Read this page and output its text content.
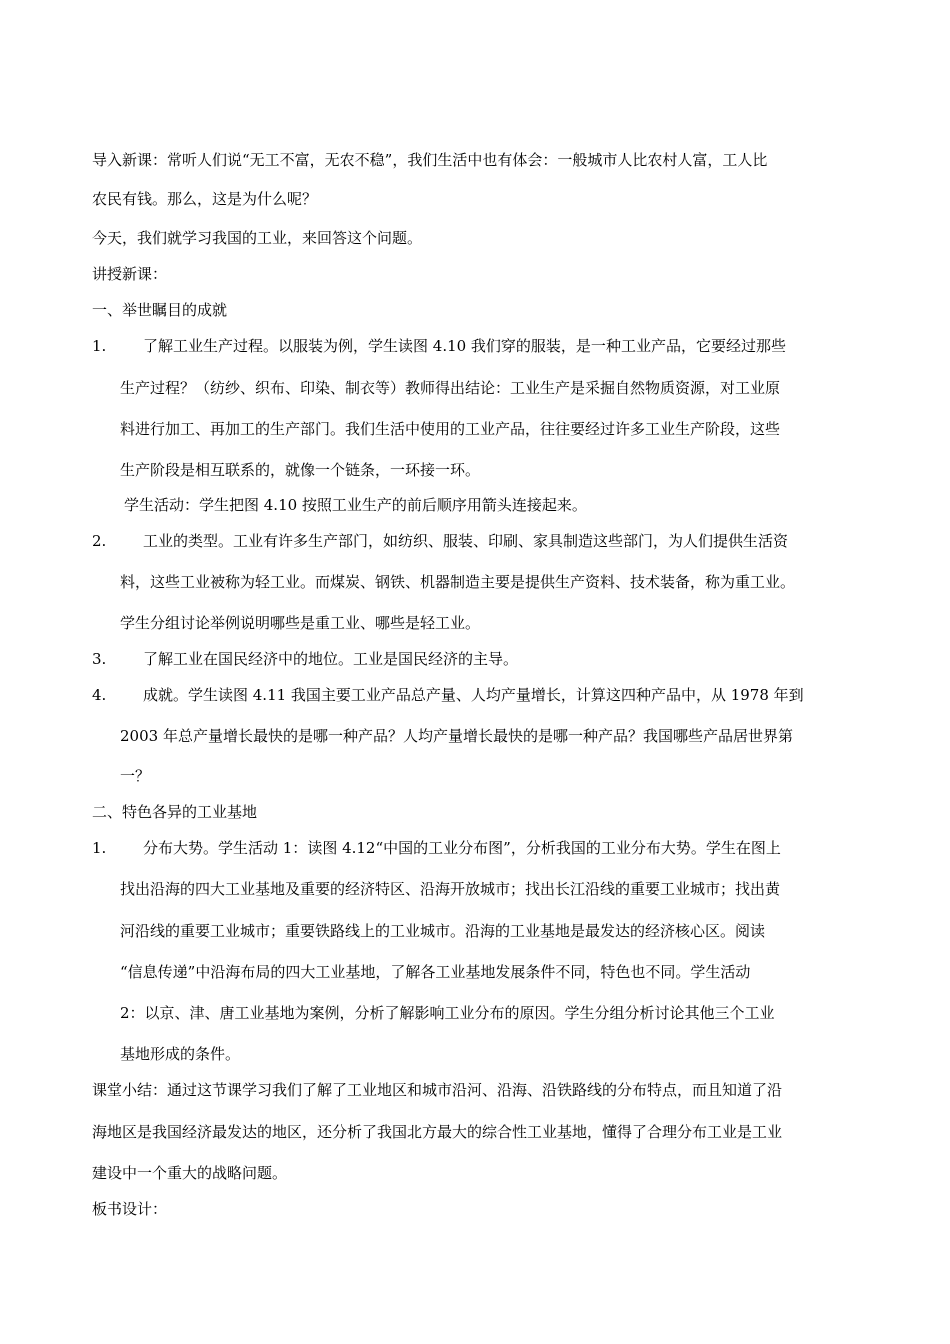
导入新课：常听人们说“无工不富，无农不稳”，我们生活中也有体会：一般城市人比农村人富，工人比
农民有钱。那么，这是为什么呢？
今天，我们就学习我国的工业，来回答这个问题。
讲授新课：
一、举世瞩目的成就
1. 了解工业生产过程。以服装为例，学生读图 4.10 我们穿的服装，是一种工业产品，它要经过那些
生产过程？（纺纱、织布、印染、制衣等）教师得出结论：工业生产是采掘自然物质资源，对工业原
料进行加工、再加工的生产部门。我们生活中使用的工业产品，往往要经过许多工业生产阶段，这些
生产阶段是相互联系的，就像一个链条，一环接一环。
学生活动：学生把图 4.10 按照工业生产的前后顺序用箭头连接起来。
2. 工业的类型。工业有许多生产部门，如纺织、服装、印刷、家具制造这些部门，为人们提供生活资
料，这些工业被称为轻工业。而煤炭、钢铁、机器制造主要是提供生产资料、技术装备，称为重工业。
学生分组讨论举例说明哪些是重工业、哪些是轻工业。
3. 了解工业在国民经济中的地位。工业是国民经济的主导。
4. 成就。学生读图 4.11 我国主要工业产品总产量、人均产量增长，计算这四种产品中，从 1978 年到
2003 年总产量增长最快的是哪一种产品？人均产量增长最快的是哪一种产品？我国哪些产品居世界第
一？
二、特色各异的工业基地
1. 分布大势。学生活动 1：读图 4.12“中国的工业分布图”，分析我国的工业分布大势。学生在图上
找出沿海的四大工业基地及重要的经济特区、沿海开放城市；找出长江沿线的重要工业城市；找出黄
河沿线的重要工业城市；重要铁路线上的工业城市。沿海的工业基地是最发达的经济核心区。阅读
“信息传递”中沿海布局的四大工业基地，了解各工业基地发展条件不同，特色也不同。学生活动
2：以京、津、唐工业基地为案例，分析了解影响工业分布的原因。学生分组分析讨论其他三个工业
基地形成的条件。
课堂小结：通过这节课学习我们了解了工业地区和城市沿河、沿海、沿铁路线的分布特点，而且知道了沿
海地区是我国经济最发达的地区，还分析了我国北方最大的综合性工业基地，懂得了合理分布工业是工业
建设中一个重大的战略问题。
板书设计：
